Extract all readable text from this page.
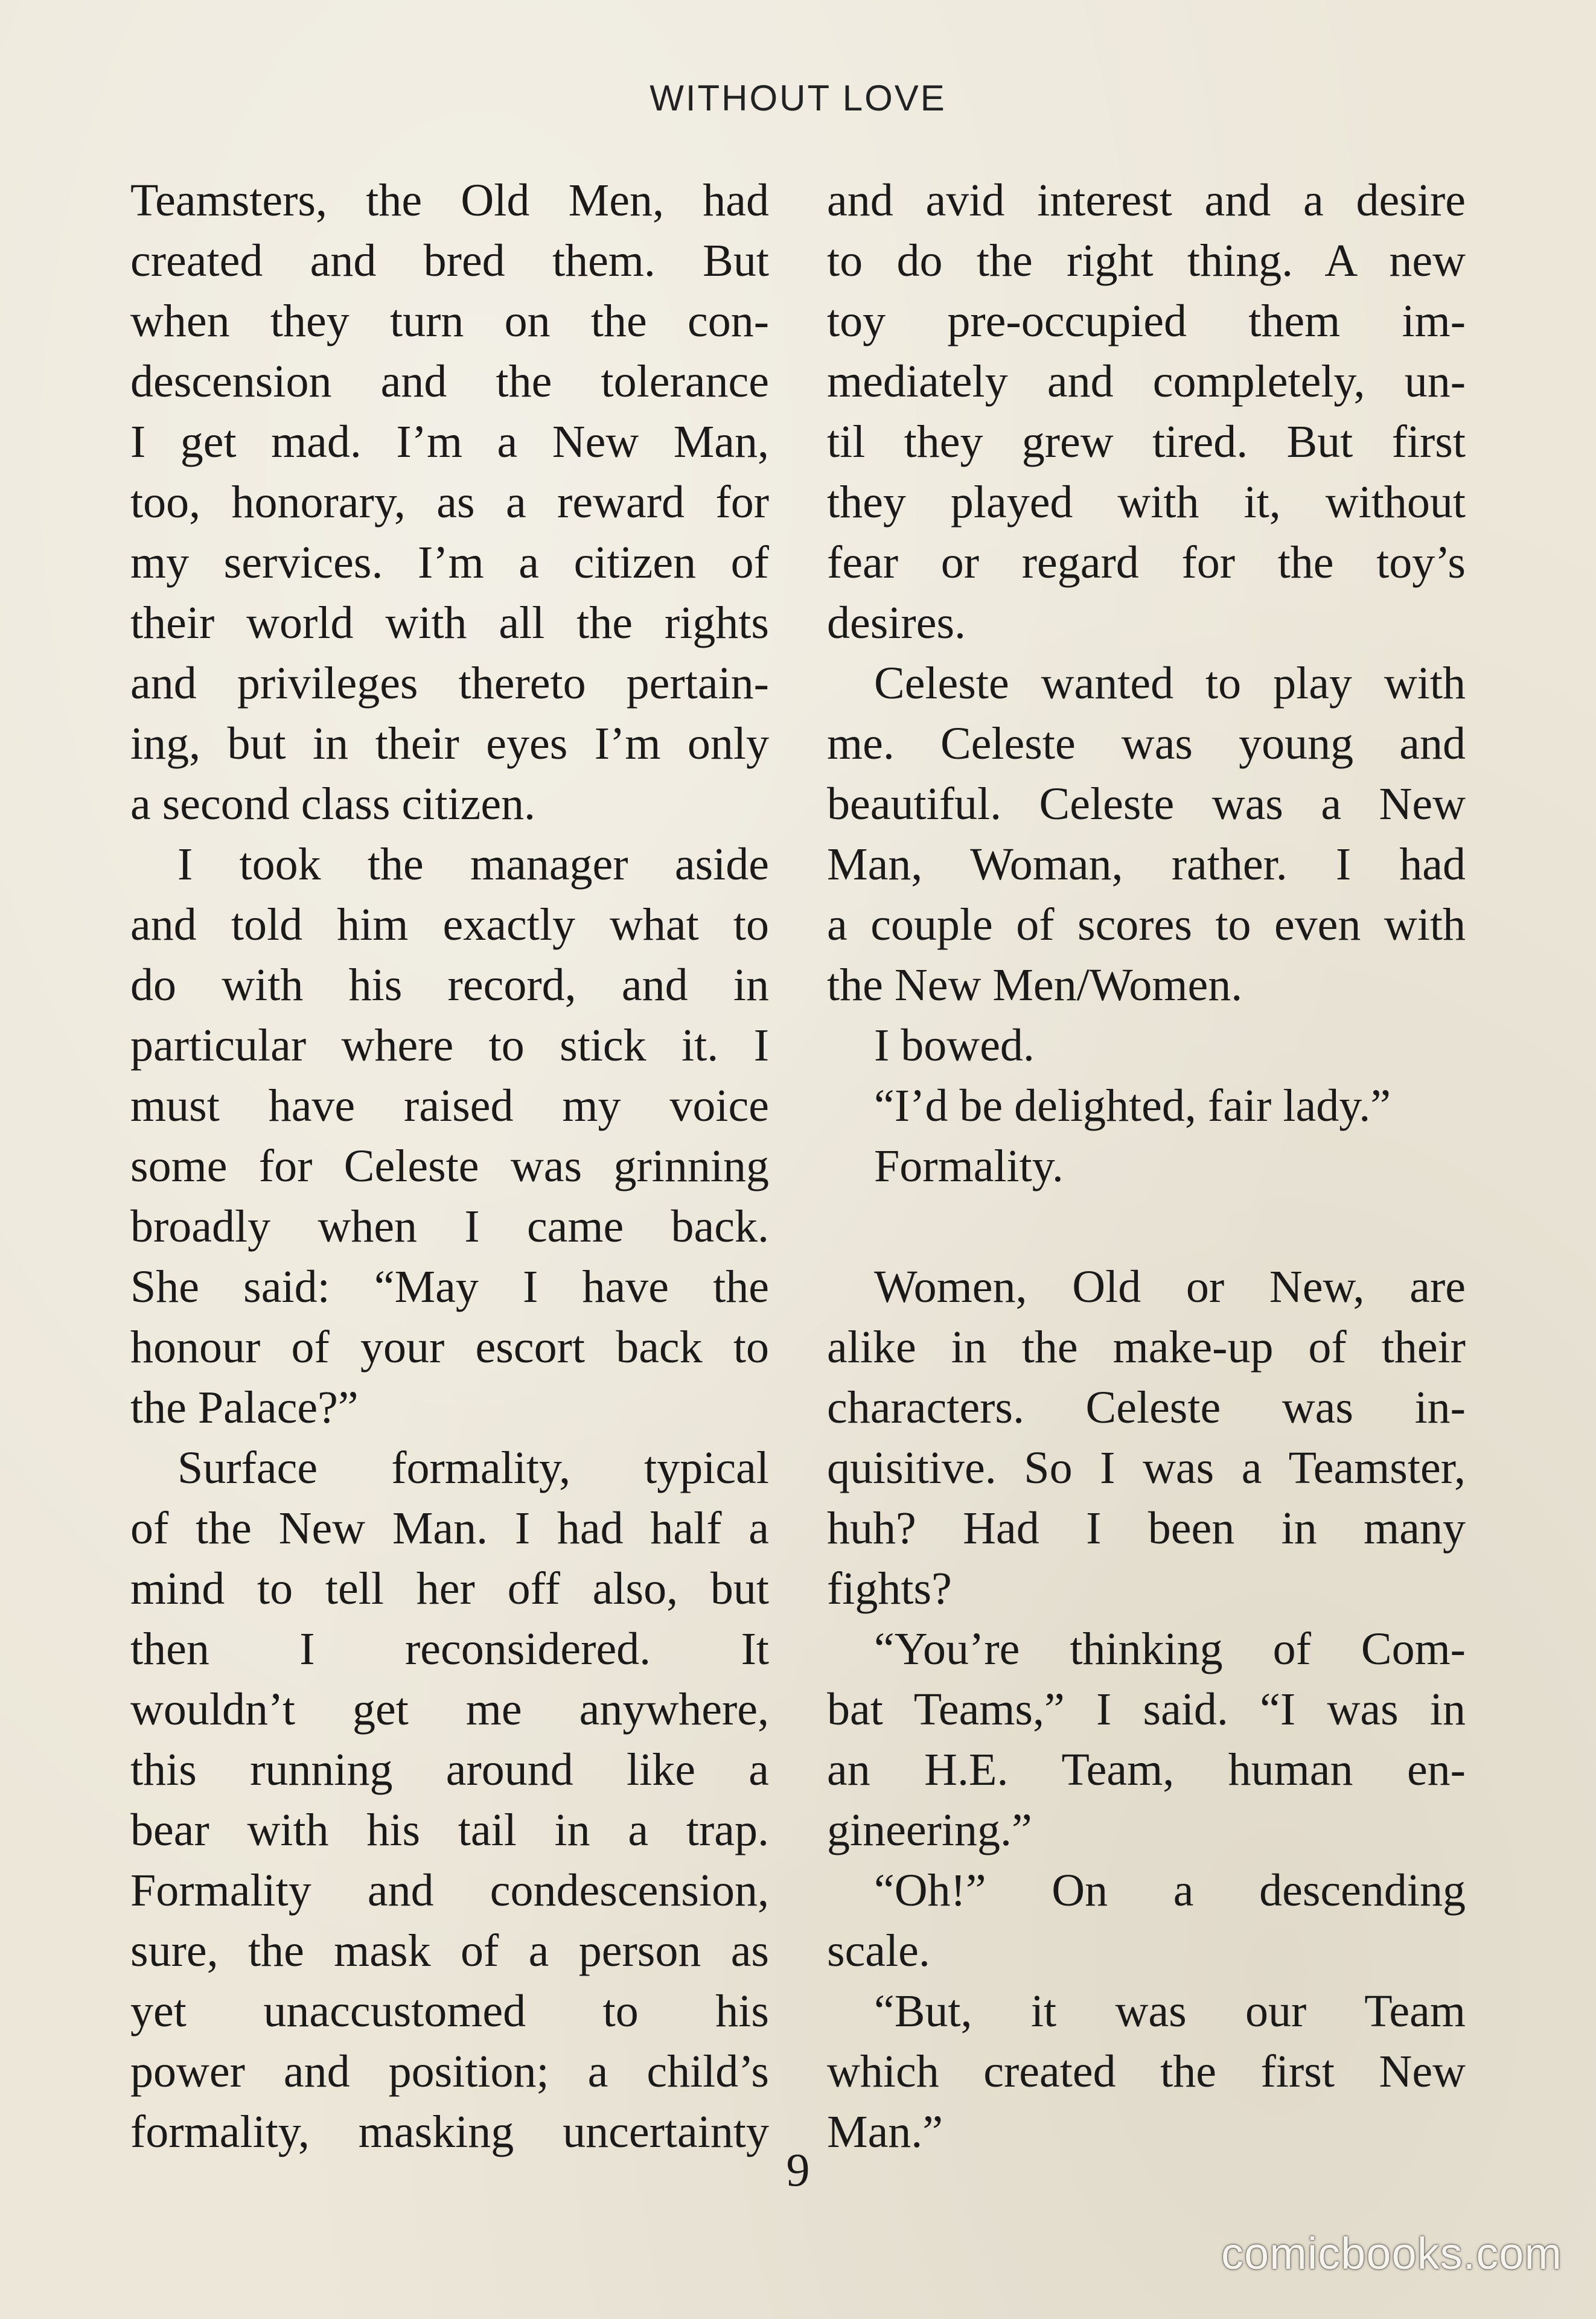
WITHOUT LOVE
Teamsters, the Old Men, had
created and bred them. But
when they turn on the con-
descension and the tolerance
I get mad. I’m a New Man,
too, honorary, as a reward for
my services. I’m a citizen of
their world with all the rights
and privileges thereto pertain-
ing, but in their eyes I’m only
a second class citizen.
I took the manager aside
and told him exactly what to
do with his record, and in
particular where to stick it. I
must have raised my voice
some for Celeste was grinning
broadly when I came back.
She said: “May I have the
honour of your escort back to
the Palace?”
Surface formality, typical
of the New Man. I had half a
mind to tell her off also, but
then I reconsidered. It
wouldn’t get me anywhere,
this running around like a
bear with his tail in a trap.
Formality and condescension,
sure, the mask of a person as
yet unaccustomed to his
power and position; a child’s
formality, masking uncertainty
and avid interest and a desire
to do the right thing. A new
toy pre-occupied them im-
mediately and completely, un-
til they grew tired. But first
they played with it, without
fear or regard for the toy’s
desires.
Celeste wanted to play with
me. Celeste was young and
beautiful. Celeste was a New
Man, Woman, rather. I had
a couple of scores to even with
the New Men/Women.
I bowed.
“I’d be delighted, fair lady.”
Formality.
Women, Old or New, are
alike in the make-up of their
characters. Celeste was in-
quisitive. So I was a Teamster,
huh? Had I been in many
fights?
“You’re thinking of Com-
bat Teams,” I said. “I was in
an H.E. Team, human en-
gineering.”
“Oh!” On a descending
scale.
“But, it was our Team
which created the first New
Man.”
9
comicbooks.com
